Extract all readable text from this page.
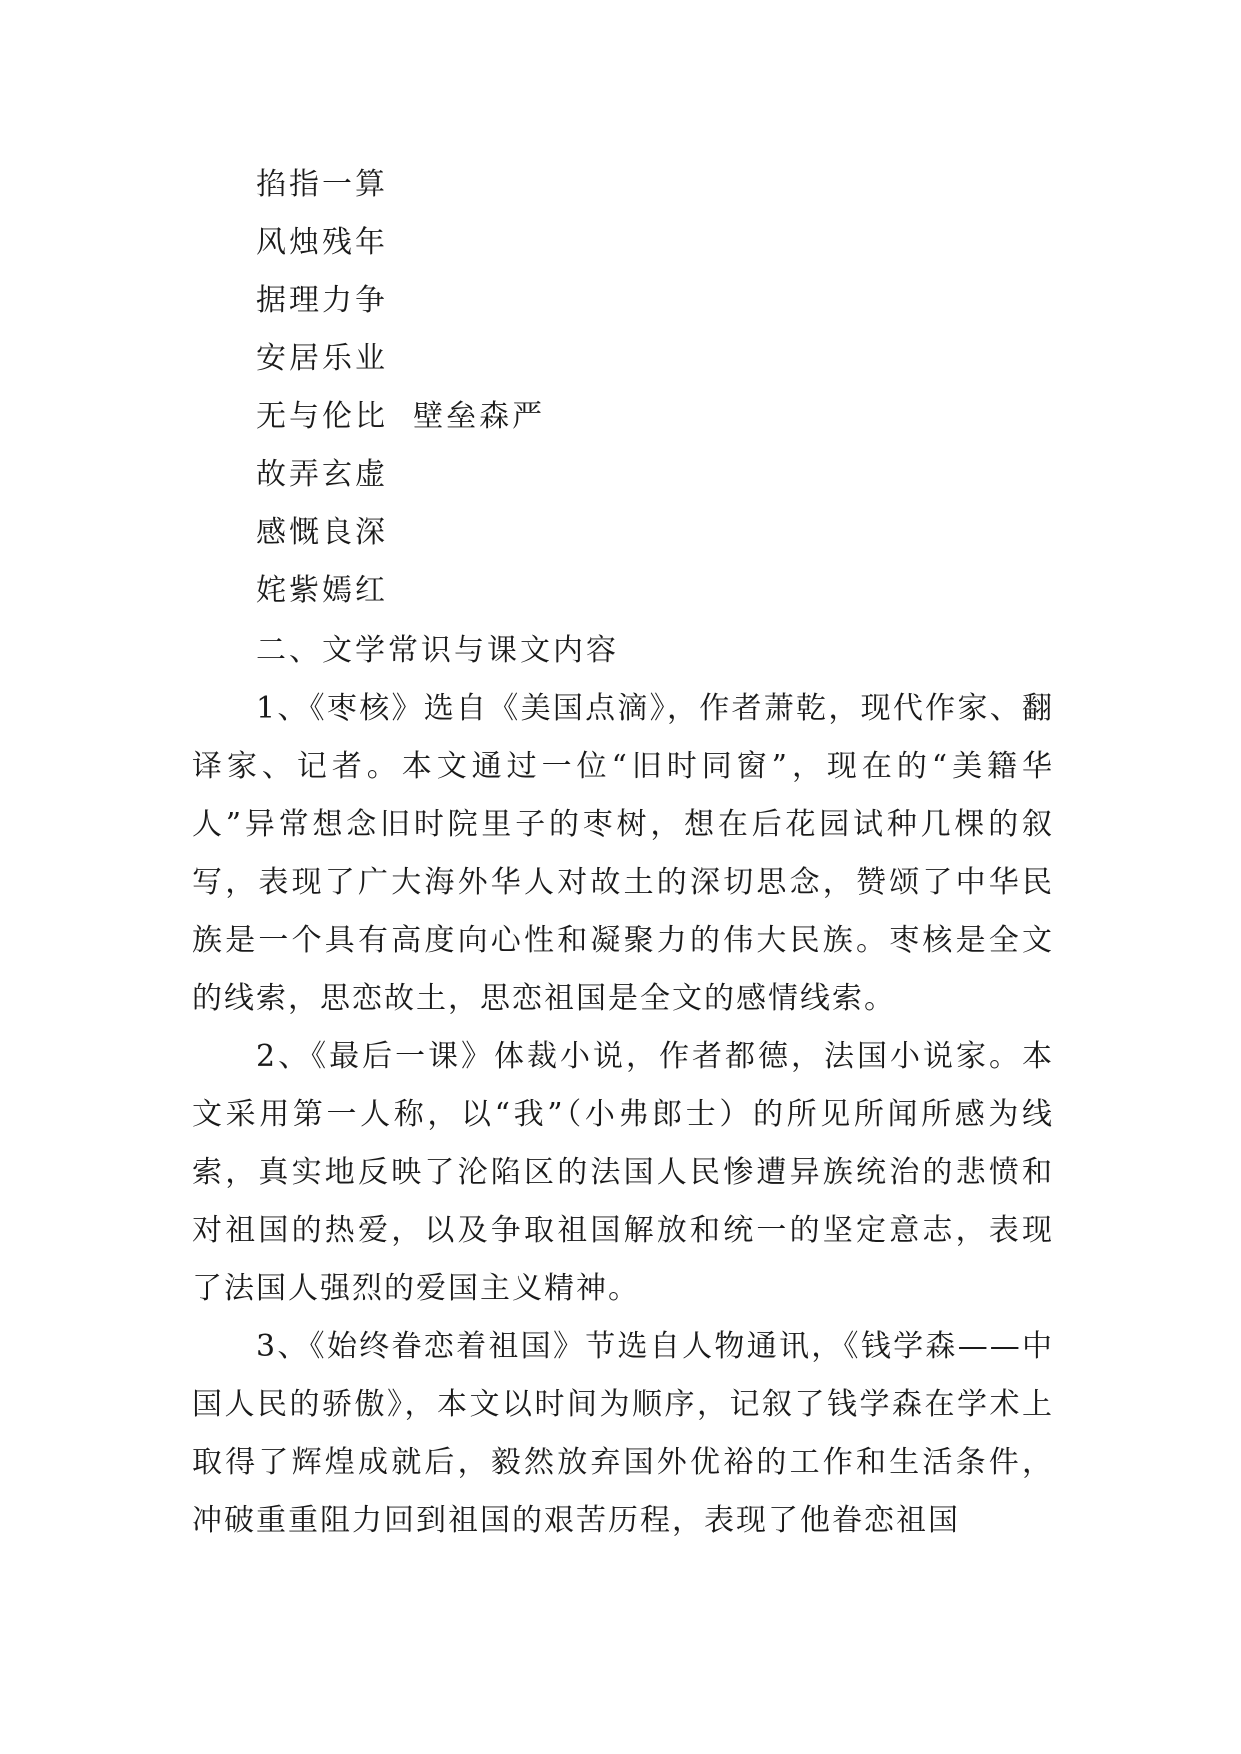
掐指一算
风烛残年
据理力争
安居乐业
无与伦比  壁垒森严
故弄玄虚
感慨良深
姹紫嫣红
二、文学常识与课文内容

1、《枣核》选自《美国点滴》，作者萧乾，现代作家、翻译家、记者。本文通过一位“旧时同窗”，现在的“美籍华人”异常想念旧时院里子的枣树，想在后花园试种几棵的叙写，表现了广大海外华人对故土的深切思念，赞颂了中华民族是一个具有高度向心性和凝聚力的伟大民族。枣核是全文的线索，思恋故土，思恋祖国是全文的感情线索。

2、《最后一课》体裁小说，作者都德，法国小说家。本文采用第一人称，以“我”（小弗郎士）的所见所闻所感为线索，真实地反映了沦陷区的法国人民惨遭异族统治的悲愤和对祖国的热爱，以及争取祖国解放和统一的坚定意志，表现了法国人强烈的爱国主义精神。

3、《始终眷恋着祖国》节选自人物通讯，《钱学森——中国人民的骄傲》，本文以时间为顺序，记叙了钱学森在学术上取得了辉煌成就后，毅然放弃国外优裕的工作和生活条件，冲破重重阻力回到祖国的艰苦历程，表现了他眷恋祖国
